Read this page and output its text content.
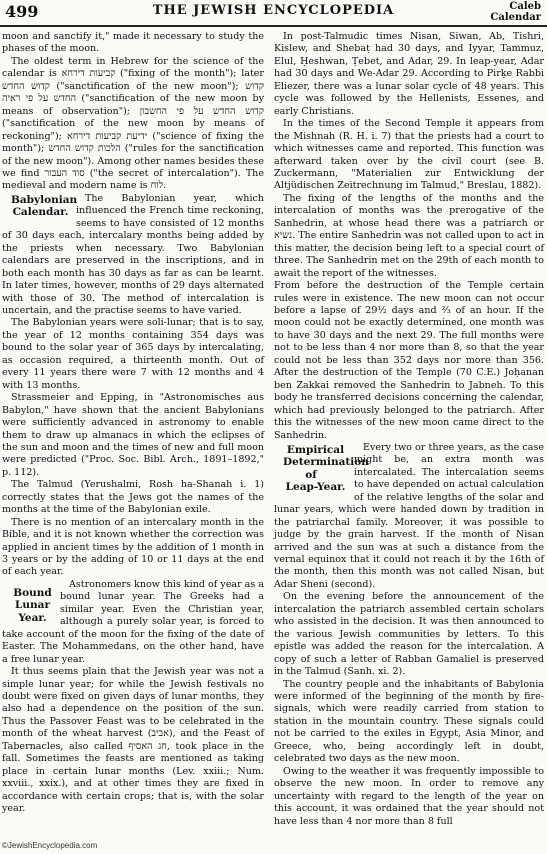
499	THE JEWISH ENCYCLOPEDIA	Caleb
Calendar

moon and sanctify it," made it necessary to study the phases of the moon.

The oldest term in Hebrew for the science of the calendar is קביעות דירחא ("fixing of the month"); later קדוש החדש ("sanctification of the new moon"); קדוש החדש על פי ראיה ("sanctification of the new moon by means of observation"); קדוש החדש על פי החשבון ("sanctification of the new moon by means of reckoning"); ידיעת קביעות דירחא ("science of fixing the month"); הלכות קדוש החדש ("rules for the sanctification of the new moon"). Among other names besides these we find סוד העבור ("the secret of intercalation"). The medieval and modern name is לוח.

Babylonian
Calendar.
The Babylonian year, which influenced the French time reckoning, seems to have consisted of 12 months of 30 days each, intercalary months being added by the priests when necessary. Two Babylonian calendars are preserved in the inscriptions, and in both each month has 30 days as far as can be learnt. In later times, however, months of 29 days alternated with those of 30. The method of intercalation is uncertain, and the practise seems to have varied.

The Babylonian years were soli-lunar; that is to say, the year of 12 months containing 354 days was bound to the solar year of 365 days by intercalating, as occasion required, a thirteenth month. Out of every 11 years there were 7 with 12 months and 4 with 13 months.

Strassmeier and Epping, in "Astronomisches aus Babylon," have shown that the ancient Babylonians were sufficiently advanced in astronomy to enable them to draw up almanacs in which the eclipses of the sun and moon and the times of new and full moon were predicted ("Proc. Soc. Bibl. Arch., 1891–1892," p. 112).

The Talmud (Yerushalmi, Rosh ha-Shanah i. 1) correctly states that the Jews got the names of the months at the time of the Babylonian exile.

There is no mention of an intercalary month in the Bible, and it is not known whether the correction was applied in ancient times by the addition of 1 month in 3 years or by the adding of 10 or 11 days at the end of each year.

Bound
Lunar
Year.
Astronomers know this kind of year as a bound lunar year. The Greeks had a similar year. Even the Christian year, although a purely solar year, is forced to take account of the moon for the fixing of the date of Easter. The Mohammedans, on the other hand, have a free lunar year.

It thus seems plain that the Jewish year was not a simple lunar year; for while the Jewish festivals no doubt were fixed on given days of lunar months, they also had a dependence on the position of the sun. Thus the Passover Feast was to be celebrated in the month of the wheat harvest (אביב), and the Feast of Tabernacles, also called חג האסיף, took place in the fall. Sometimes the feasts are mentioned as taking place in certain lunar months (Lev. xxiii.; Num. xxviii., xxix.), and at other times they are fixed in accordance with certain crops; that is, with the solar year.

In post-Talmudic times Nisan, Siwan, Ab, Tishri, Kislew, and Shebaṭ had 30 days, and Iyyar, Tammuz, Elul, Ḥeshwan, Ṭebet, and Adar, 29. In leap-year, Adar had 30 days and We-Adar 29. According to Pirḳe Rabbi Eliezer, there was a lunar solar cycle of 48 years. This cycle was followed by the Hellenists, Essenes, and early Christians.

In the times of the Second Temple it appears from the Mishnah (R. H. i. 7) that the priests had a court to which witnesses came and reported. This function was afterward taken over by the civil court (see B. Zuckermann, "Materialien zur Entwicklung der Altjüdischen Zeitrechnung im Talmud," Breslau, 1882).

The fixing of the lengths of the months and the intercalation of months was the prerogative of the Sanhedrin, at whose head there was a patriarch or נשיא. The entire Sanhedrin was not called upon to act in this matter, the decision being left to a special court of three. The Sanhedrin met on the 29th of each month to await the report of the witnesses.

From before the destruction of the Temple certain rules were in existence. The new moon can not occur before a lapse of 29½ days and ⅔ of an hour. If the moon could not be exactly determined, one month was to have 30 days and the next 29. The full months were not to be less than 4 nor more than 8, so that the year could not be less than 352 days nor more than 356. After the destruction of the Temple (70 C.E.) Joḥanan ben Zakkai removed the Sanhedrin to Jabneh. To this body he transferred decisions concerning the calendar, which had previously belonged to the patriarch. After this the witnesses of the new moon came direct to the Sanhedrin.

Empirical
Determination of
Leap-Year.
Every two or three years, as the case might be, an extra month was intercalated. The intercalation seems to have depended on actual calculation of the relative lengths of the solar and lunar years, which were handed down by tradition in the patriarchal family. Moreover, it was possible to judge by the grain harvest. If the month of Nisan arrived and the sun was at such a distance from the vernal equinox that it could not reach it by the 16th of the month, then this month was not called Nisan, but Adar Sheni (second).

On the evening before the announcement of the intercalation the patriarch assembled certain scholars who assisted in the decision. It was then announced to the various Jewish communities by letters. To this epistle was added the reason for the intercalation. A copy of such a letter of Rabban Gamaliel is preserved in the Talmud (Sanh. xi. 2).

The country people and the inhabitants of Babylonia were informed of the beginning of the month by fire-signals, which were readily carried from station to station in the mountain country. These signals could not be carried to the exiles in Egypt, Asia Minor, and Greece, who, being accordingly left in doubt, celebrated two days as the new moon.

Owing to the weather it was frequently impossible to observe the new moon. In order to remove any uncertainty with regard to the length of the year on this account, it was ordained that the year should not have less than 4 nor more than 8 full

©JewishEncyclopedia.com
